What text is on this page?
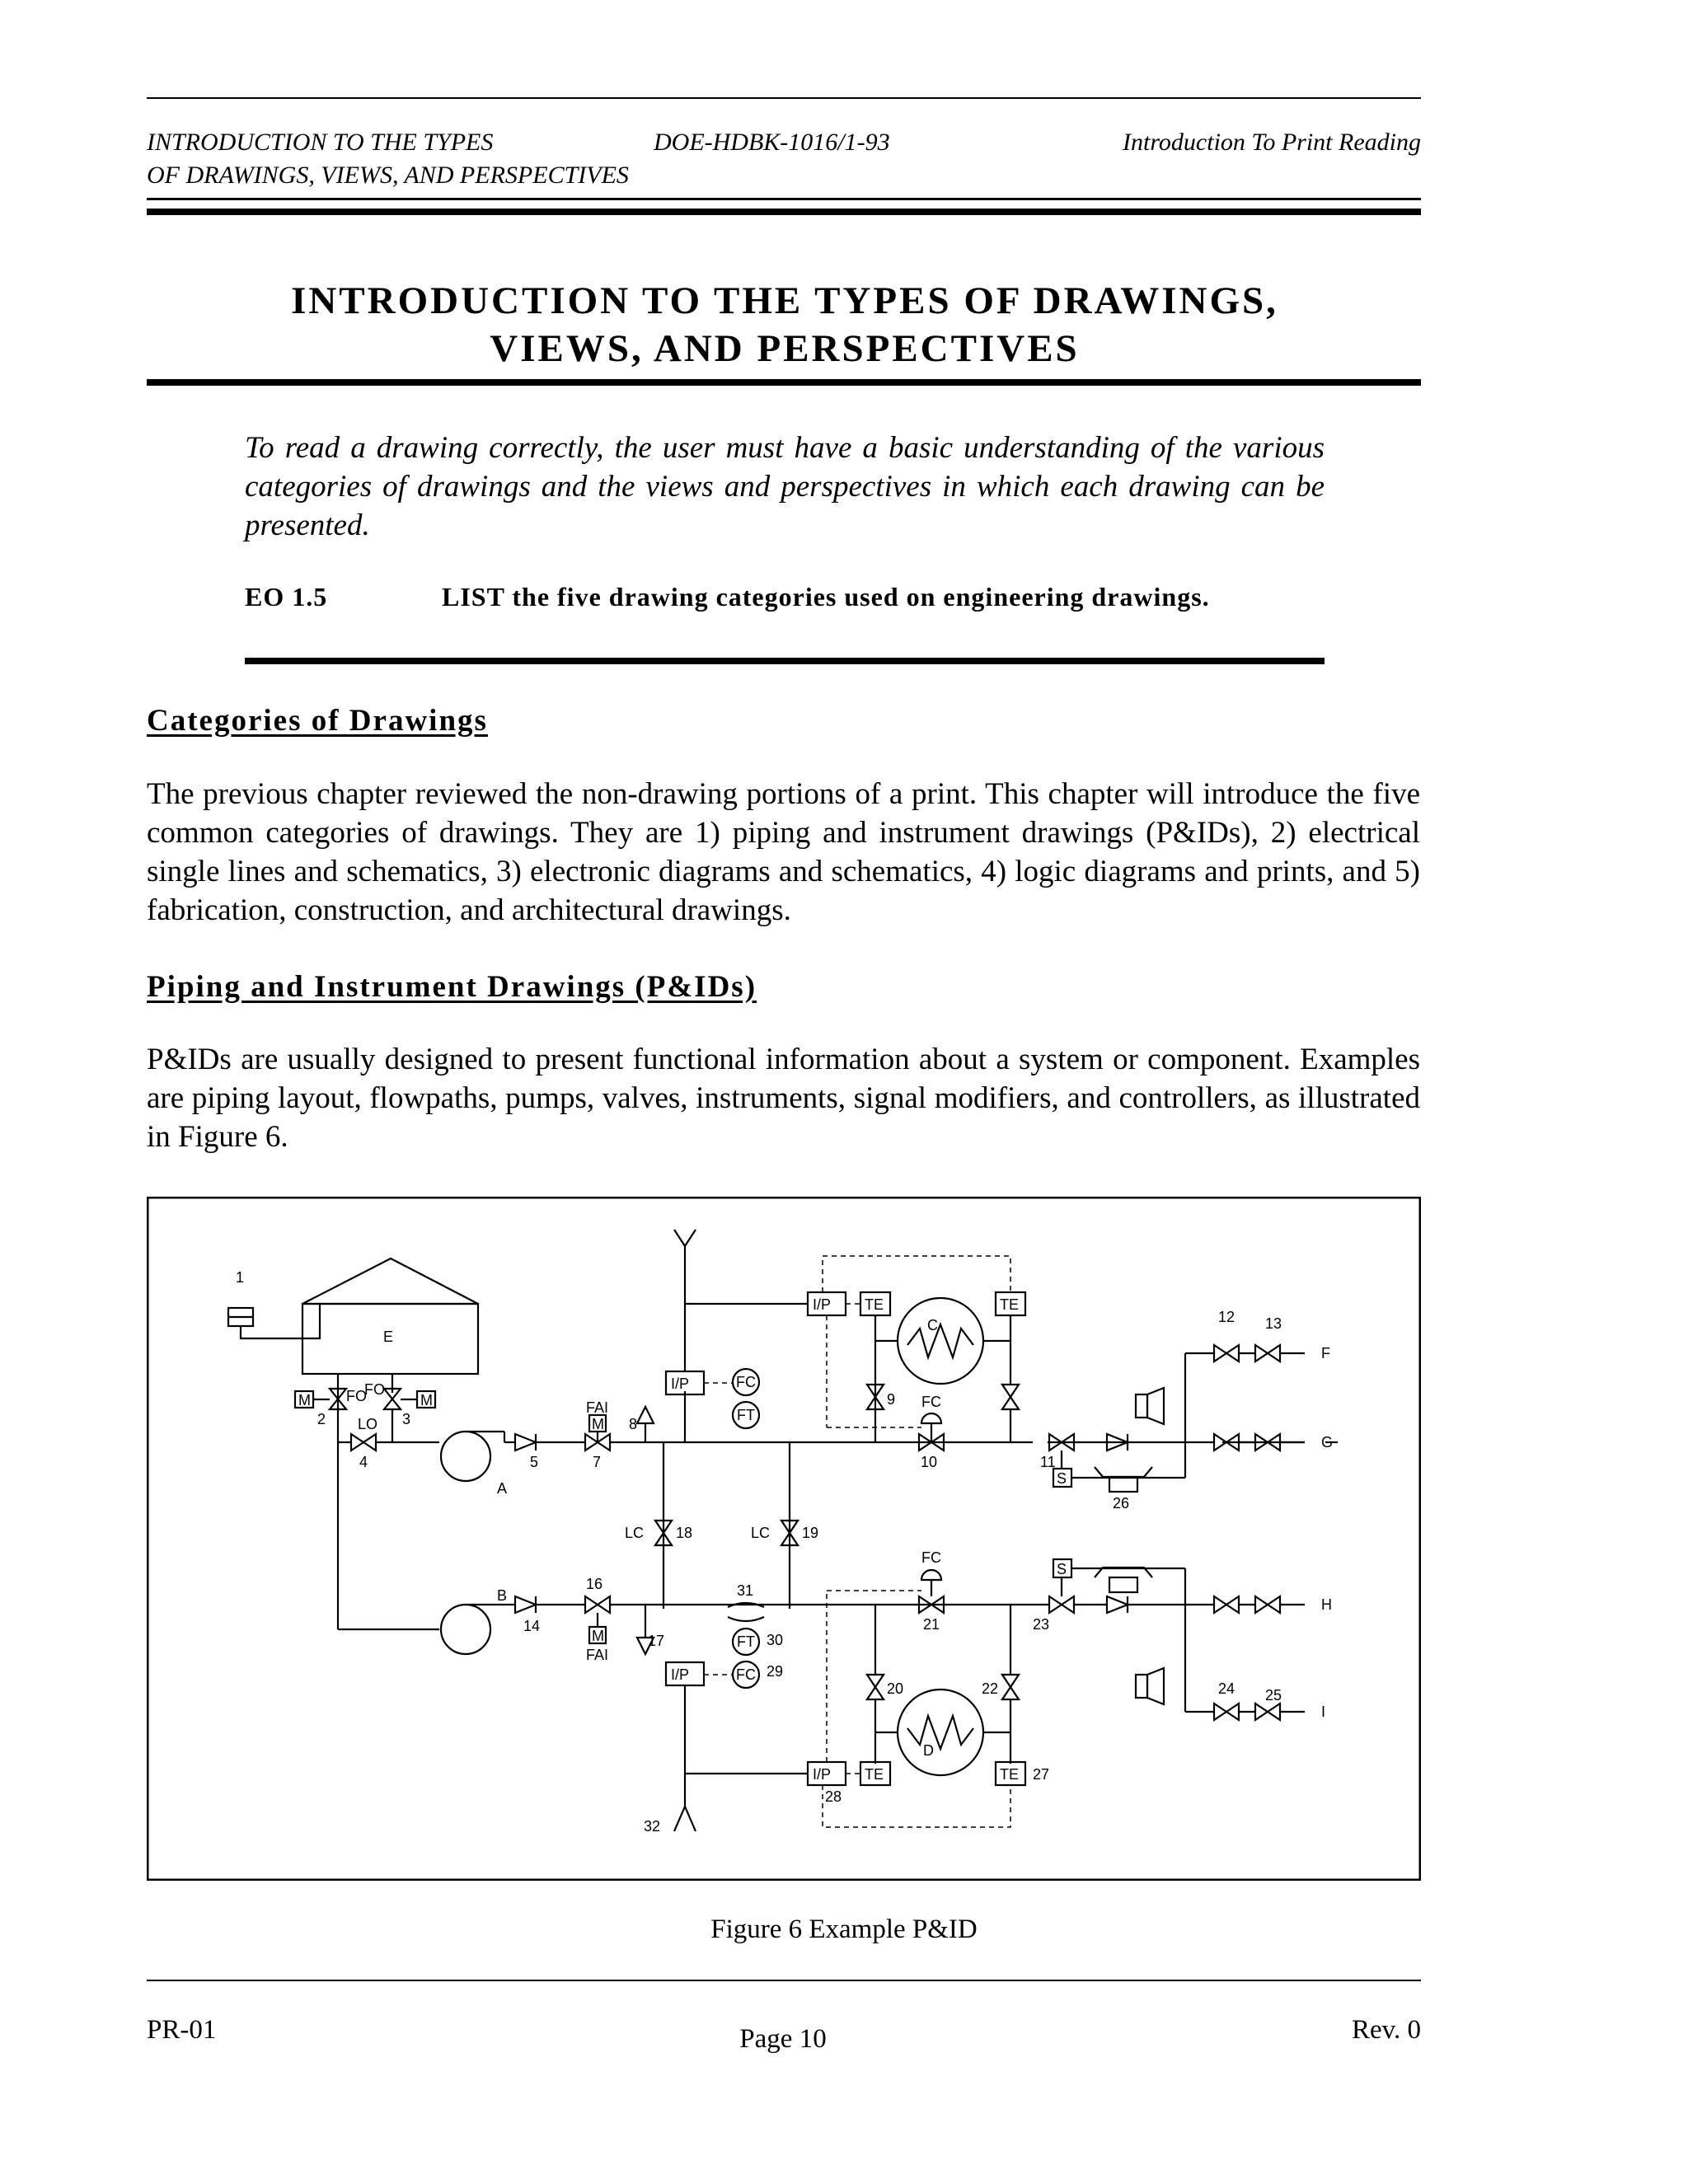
INTRODUCTION TO THE TYPES
OF DRAWINGS, VIEWS, AND PERSPECTIVES
DOE-HDBK-1016/1-93	Introduction To Print Reading
INTRODUCTION TO THE TYPES OF DRAWINGS,
VIEWS, AND PERSPECTIVES
To read a drawing correctly, the user must have a basic understanding of the various categories of drawings and the views and perspectives in which each drawing can be presented.
EO 1.5	LIST the five drawing categories used on engineering drawings.
Categories of Drawings
The previous chapter reviewed the non-drawing portions of a print. This chapter will introduce the five common categories of drawings. They are 1) piping and instrument drawings (P&IDs), 2) electrical single lines and schematics, 3) electronic diagrams and schematics, 4) logic diagrams and prints, and 5) fabrication, construction, and architectural drawings.
Piping and Instrument Drawings (P&IDs)
P&IDs are usually designed to present functional information about a system or component. Examples are piping layout, flowpaths, pumps, valves, instruments, signal modifiers, and controllers, as illustrated in Figure 6.
E
A
B
C
D
F
G
H
I
I/P
I/P
I/P
I/P
TE	TE
TE	TE
FC
FT
FT
FC
FC
FC
M	M
M
M
S
S
FO
FO
LO
LC	LC
FAI
FAI
1
2	3
4	5	7
8
9
10	11
12 13
14
16
17
18	19
20
21
22
23
24 25
26
27
28
29
30
31
32
Figure 6 Example P&ID
PR-01	Page 10	Rev. 0
